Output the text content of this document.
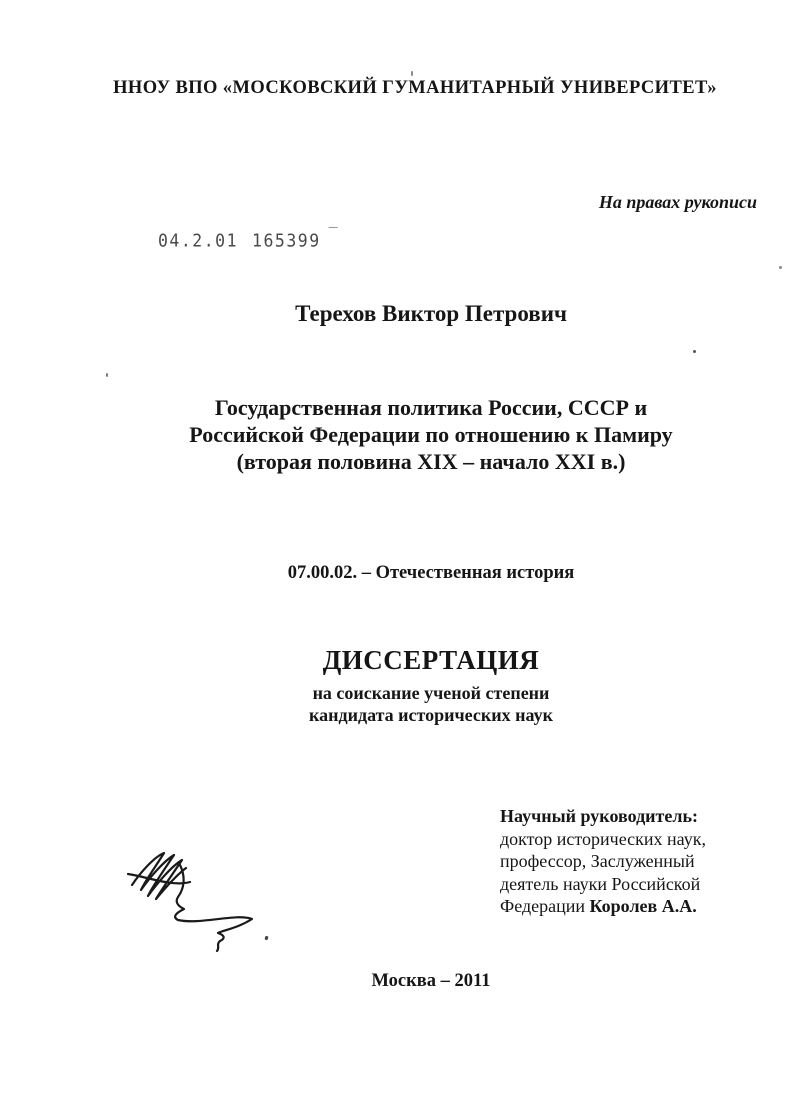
ННОУ ВПО «МОСКОВСКИЙ ГУМАНИТАРНЫЙ УНИВЕРСИТЕТ»
На правах рукописи
04.2.01 165399 ‾
Терехов Виктор Петрович
Государственная политика России, СССР и
Российской Федерации по отношению к Памиру
(вторая половина XIX – начало XXI в.)
07.00.02. – Отечественная история
ДИССЕРТАЦИЯ
на соискание ученой степени
кандидата исторических наук
Научный руководитель:
доктор исторических наук,
профессор, Заслуженный
деятель науки Российской
Федерации Королев А.А.
Москва – 2011
